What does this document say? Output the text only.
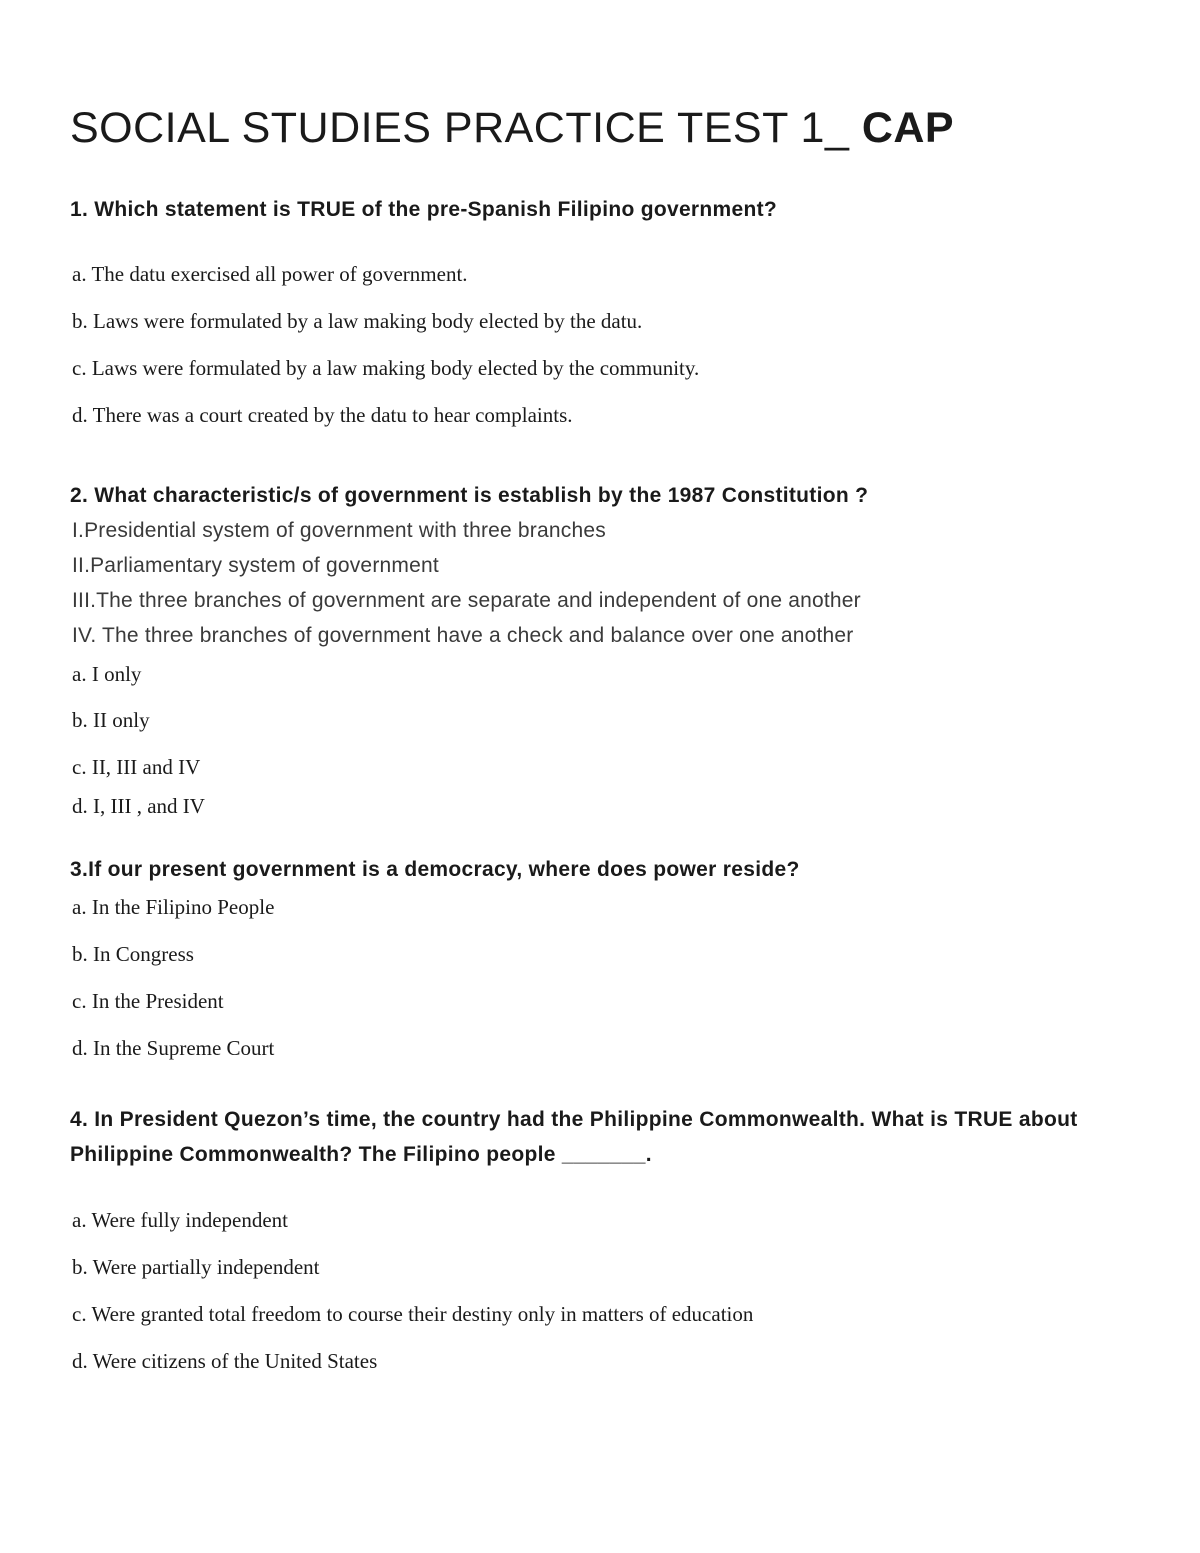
SOCIAL STUDIES PRACTICE TEST 1_ CAP

1. Which statement is TRUE of the pre-Spanish Filipino government?

a. The datu exercised all power of government.

b. Laws were formulated by a law making body elected by the datu.

c. Laws were formulated by a law making body elected by the community.

d. There was a court created by the datu to hear complaints.

2. What characteristic/s of government is establish by the 1987 Constitution ?

I.Presidential system of government with three branches

II.Parliamentary system of government

III.The three branches of government are separate and independent of one another

IV. The three branches of government have a check and balance over one another

a. I only

b. II only

c. II, III and IV

d. I, III , and IV

3.If our present government is a democracy, where does power reside?

a. In the Filipino People

b. In Congress

c. In the President

d. In the Supreme Court

4. In President Quezon’s time, the country had the Philippine Commonwealth. What is TRUE about Philippine Commonwealth? The Filipino people _______.

a. Were fully independent

b. Were partially independent

c. Were granted total freedom to course their destiny only in matters of education

d. Were citizens of the United States
